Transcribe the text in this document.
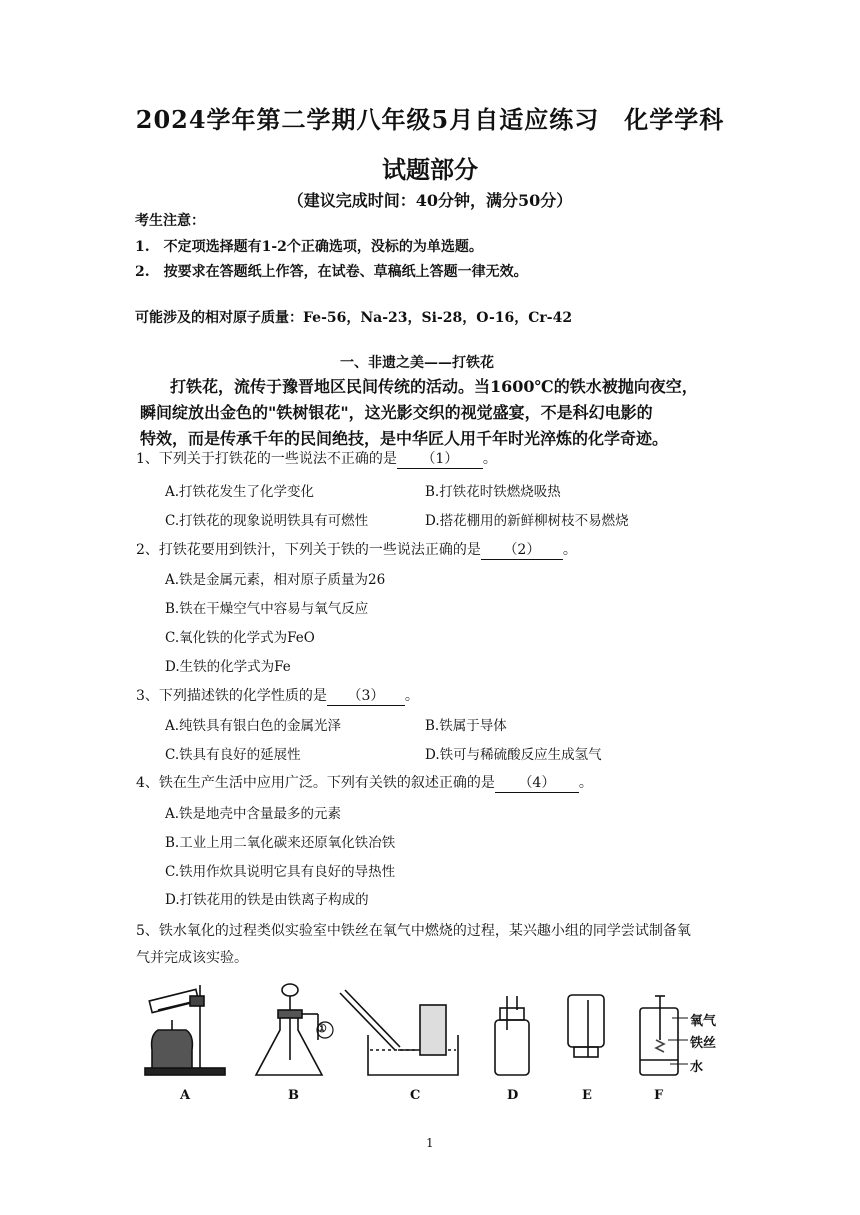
2024学年第二学期八年级5月自适应练习　化学学科
试题部分
（建议完成时间：40分钟，满分50分）
考生注意：
1.　不定项选择题有1-2个正确选项，没标的为单选题。
2.　按要求在答题纸上作答，在试卷、草稿纸上答题一律无效。
可能涉及的相对原子质量：Fe-56，Na-23，Si-28，O-16，Cr-42
一、非遗之美——打铁花
打铁花，流传于豫晋地区民间传统的活动。当1600℃的铁水被抛向夜空，
瞬间绽放出金色的"铁树银花"，这光影交织的视觉盛宴，不是科幻电影的
特效，而是传承千年的民间绝技，是中华匠人用千年时光淬炼的化学奇迹。
1、下列关于打铁花的一些说法不正确的是 （1） 。
A.打铁花发生了化学变化	B.打铁花时铁燃烧吸热
C.打铁花的现象说明铁具有可燃性	D.搭花棚用的新鲜柳树枝不易燃烧
2、打铁花要用到铁汁，下列关于铁的一些说法正确的是 （2） 。
A.铁是金属元素，相对原子质量为26
B.铁在干燥空气中容易与氧气反应
C.氧化铁的化学式为FeO
D.生铁的化学式为Fe
3、下列描述铁的化学性质的是 （3） 。
A.纯铁具有银白色的金属光泽	B.铁属于导体
C.铁具有良好的延展性	D.铁可与稀硫酸反应生成氢气
4、铁在生产生活中应用广泛。下列有关铁的叙述正确的是 （4） 。
A.铁是地壳中含量最多的元素
B.工业上用二氧化碳来还原氧化铁冶铁
C.铁用作炊具说明它具有良好的导热性
D.打铁花用的铁是由铁离子构成的
5、铁水氧化的过程类似实验室中铁丝在氧气中燃烧的过程，某兴趣小组的同学尝试制备氧
气并完成该实验。
①	氧气
铁丝
水
A	B	C	D	E	F
1
